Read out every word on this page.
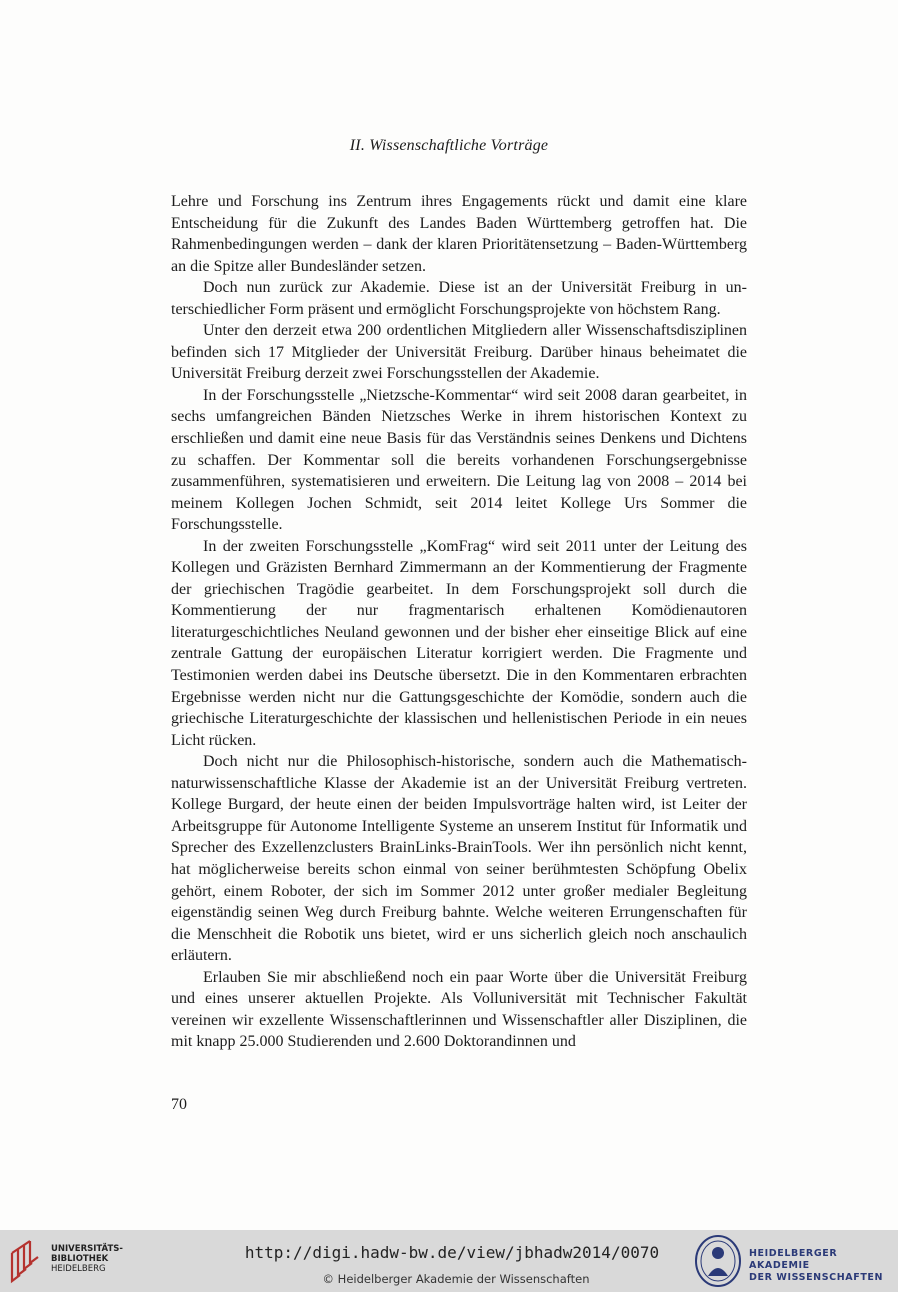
II. Wissenschaftliche Vorträge

Lehre und Forschung ins Zentrum ihres Engagements rückt und damit eine klare Entscheidung für die Zukunft des Landes Baden Württemberg getroffen hat. Die Rahmenbedingungen werden – dank der klaren Prioritätensetzung – Baden-Württemberg an die Spitze aller Bundesländer setzen.

Doch nun zurück zur Akademie. Diese ist an der Universität Freiburg in unterschiedlicher Form präsent und ermöglicht Forschungsprojekte von höchstem Rang.

Unter den derzeit etwa 200 ordentlichen Mitgliedern aller Wissenschaftsdisziplinen befinden sich 17 Mitglieder der Universität Freiburg. Darüber hinaus beheimatet die Universität Freiburg derzeit zwei Forschungsstellen der Akademie.

In der Forschungsstelle „Nietzsche-Kommentar“ wird seit 2008 daran gearbeitet, in sechs umfangreichen Bänden Nietzsches Werke in ihrem historischen Kontext zu erschließen und damit eine neue Basis für das Verständnis seines Denkens und Dichtens zu schaffen. Der Kommentar soll die bereits vorhandenen Forschungsergebnisse zusammenführen, systematisieren und erweitern. Die Leitung lag von 2008 – 2014 bei meinem Kollegen Jochen Schmidt, seit 2014 leitet Kollege Urs Sommer die Forschungsstelle.

In der zweiten Forschungsstelle „KomFrag“ wird seit 2011 unter der Leitung des Kollegen und Gräzisten Bernhard Zimmermann an der Kommentierung der Fragmente der griechischen Tragödie gearbeitet. In dem Forschungsprojekt soll durch die Kommentierung der nur fragmentarisch erhaltenen Komödienautoren literaturgeschichtliches Neuland gewonnen und der bisher eher einseitige Blick auf eine zentrale Gattung der europäischen Literatur korrigiert werden. Die Fragmente und Testimonien werden dabei ins Deutsche übersetzt. Die in den Kommentaren erbrachten Ergebnisse werden nicht nur die Gattungsgeschichte der Komödie, sondern auch die griechische Literaturgeschichte der klassischen und hellenistischen Periode in ein neues Licht rücken.

Doch nicht nur die Philosophisch-historische, sondern auch die Mathematisch-naturwissenschaftliche Klasse der Akademie ist an der Universität Freiburg vertreten. Kollege Burgard, der heute einen der beiden Impulsvorträge halten wird, ist Leiter der Arbeitsgruppe für Autonome Intelligente Systeme an unserem Institut für Informatik und Sprecher des Exzellenzclusters BrainLinks-BrainTools. Wer ihn persönlich nicht kennt, hat möglicherweise bereits schon einmal von seiner berühmtesten Schöpfung Obelix gehört, einem Roboter, der sich im Sommer 2012 unter großer medialer Begleitung eigenständig seinen Weg durch Freiburg bahnte. Welche weiteren Errungenschaften für die Menschheit die Robotik uns bietet, wird er uns sicherlich gleich noch anschaulich erläutern.

Erlauben Sie mir abschließend noch ein paar Worte über die Universität Freiburg und eines unserer aktuellen Projekte. Als Volluniversität mit Technischer Fakultät vereinen wir exzellente Wissenschaftlerinnen und Wissenschaftler aller Disziplinen, die mit knapp 25.000 Studierenden und 2.600 Doktorandinnen und

70
UNIVERSITÄTS-
BIBLIOTHEK
HEIDELBERG
http://digi.hadw-bw.de/view/jbhadw2014/0070
© Heidelberger Akademie der Wissenschaften
HEIDELBERGER AKADEMIE
DER WISSENSCHAFTEN
